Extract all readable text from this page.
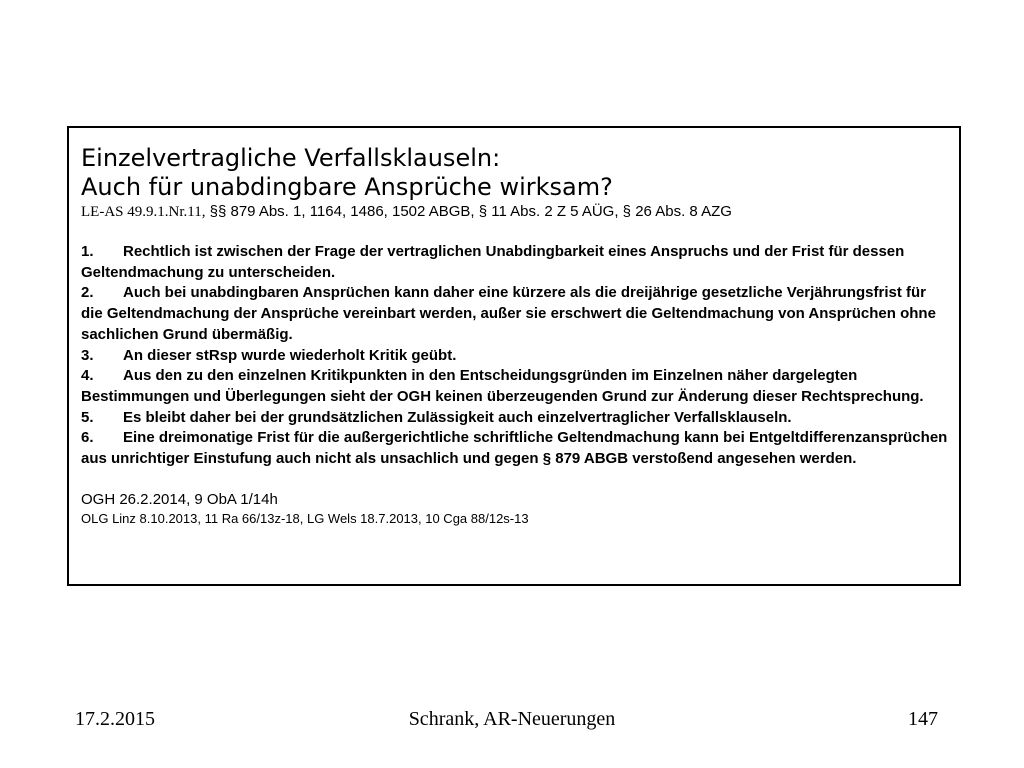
Einzelvertragliche Verfallsklauseln:
Auch für unabdingbare Ansprüche wirksam?

LE-AS 49.9.1.Nr.11, §§ 879 Abs. 1, 1164, 1486, 1502 ABGB, § 11 Abs. 2 Z 5 AÜG, § 26 Abs. 8 AZG

1. Rechtlich ist zwischen der Frage der vertraglichen Unabdingbarkeit eines Anspruchs und der Frist für dessen Geltendmachung zu unterscheiden.
2. Auch bei unabdingbaren Ansprüchen kann daher eine kürzere als die dreijährige gesetzliche Verjährungsfrist für die Geltendmachung der Ansprüche vereinbart werden, außer sie erschwert die Geltendmachung von Ansprüchen ohne sachlichen Grund übermäßig.
3. An dieser stRsp wurde wiederholt Kritik geübt.
4. Aus den zu den einzelnen Kritikpunkten in den Entscheidungsgründen im Einzelnen näher dargelegten Bestimmungen und Überlegungen sieht der OGH keinen überzeugenden Grund zur Änderung dieser Rechtsprechung.
5. Es bleibt daher bei der grundsätzlichen Zulässigkeit auch einzelvertraglicher Verfallsklauseln.
6. Eine dreimonatige Frist für die außergerichtliche schriftliche Geltendmachung kann bei Entgeltdifferenzansprüchen aus unrichtiger Einstufung auch nicht als unsachlich und gegen § 879 ABGB verstoßend angesehen werden.

OGH 26.2.2014, 9 ObA 1/14h

OLG Linz 8.10.2013, 11 Ra 66/13z-18, LG Wels 18.7.2013, 10 Cga 88/12s-13

Schrank, AR-Neuerungen
17.2.2015	147
